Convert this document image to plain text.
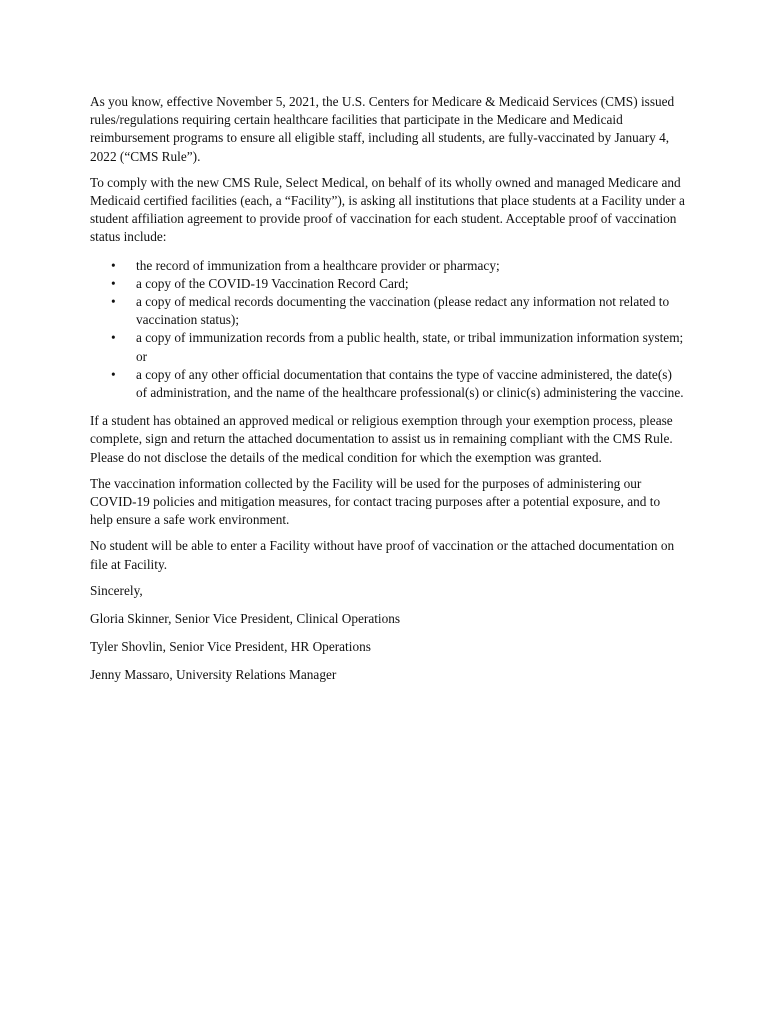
As you know, effective November 5, 2021, the U.S. Centers for Medicare & Medicaid Services (CMS) issued rules/regulations requiring certain healthcare facilities that participate in the Medicare and Medicaid reimbursement programs to ensure all eligible staff, including all students, are fully-vaccinated by January 4, 2022 (“CMS Rule”).

To comply with the new CMS Rule, Select Medical, on behalf of its wholly owned and managed Medicare and Medicaid certified facilities (each, a “Facility”), is asking all institutions that place students at a Facility under a student affiliation agreement to provide proof of vaccination for each student. Acceptable proof of vaccination status include:

• the record of immunization from a healthcare provider or pharmacy;
• a copy of the COVID-19 Vaccination Record Card;
• a copy of medical records documenting the vaccination (please redact any information not related to vaccination status);
• a copy of immunization records from a public health, state, or tribal immunization information system; or
• a copy of any other official documentation that contains the type of vaccine administered, the date(s) of administration, and the name of the healthcare professional(s) or clinic(s) administering the vaccine.

If a student has obtained an approved medical or religious exemption through your exemption process, please complete, sign and return the attached documentation to assist us in remaining compliant with the CMS Rule. Please do not disclose the details of the medical condition for which the exemption was granted.

The vaccination information collected by the Facility will be used for the purposes of administering our COVID-19 policies and mitigation measures, for contact tracing purposes after a potential exposure, and to help ensure a safe work environment.

No student will be able to enter a Facility without have proof of vaccination or the attached documentation on file at Facility.

Sincerely,

Gloria Skinner, Senior Vice President, Clinical Operations

Tyler Shovlin, Senior Vice President, HR Operations

Jenny Massaro, University Relations Manager
